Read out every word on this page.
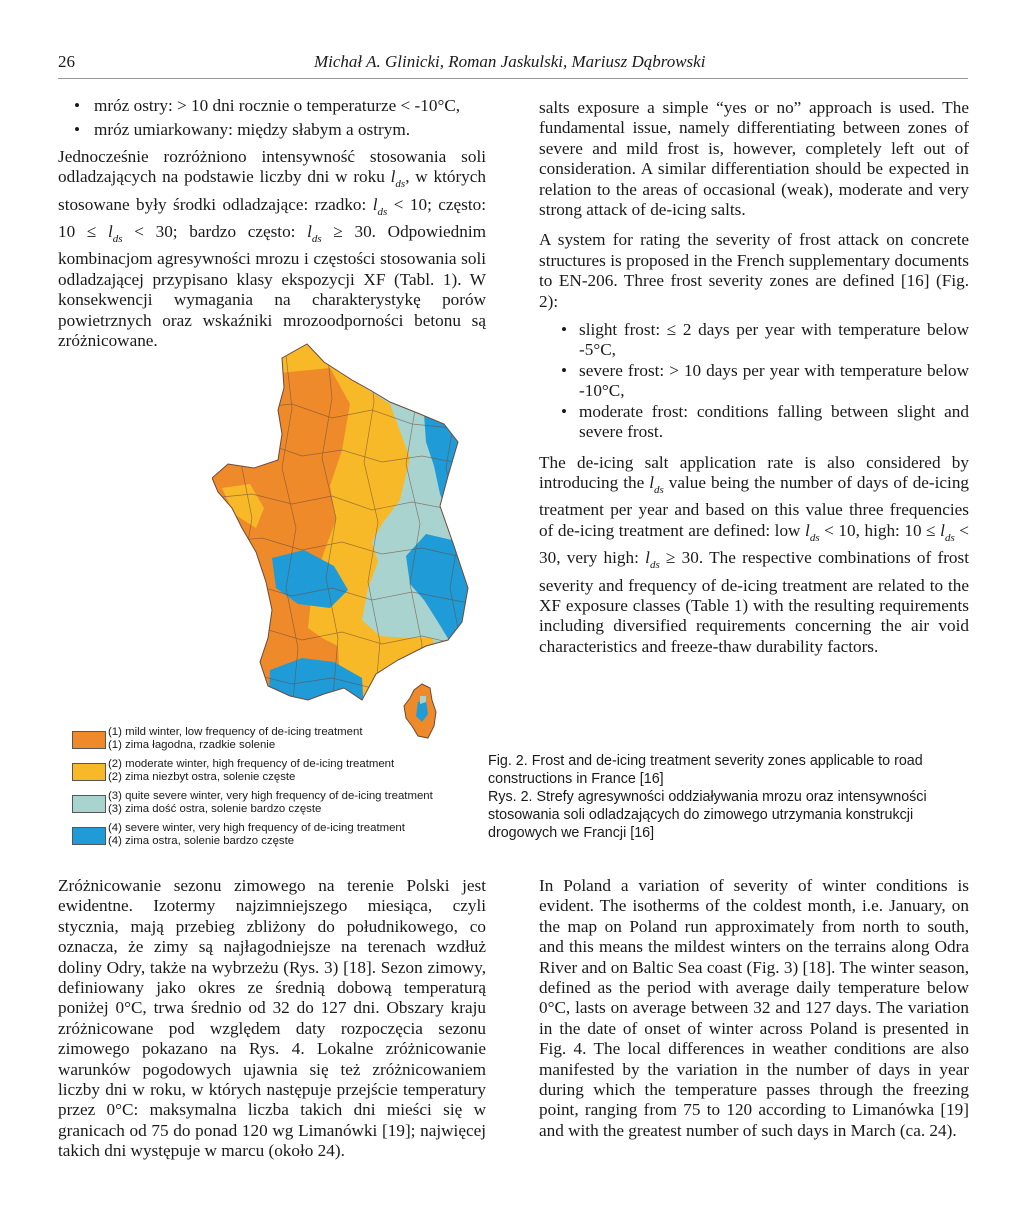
26	Michał A. Glinicki, Roman Jaskulski, Mariusz Dąbrowski

• mróz ostry: > 10 dni rocznie o temperaturze < -10°C,

• mróz umiarkowany: między słabym a ostrym.

Jednocześnie rozróżniono intensywność stosowania soli odladzających na podstawie liczby dni w roku $l_{ds}$, w których stosowane były środki odladzające: rzadko: $l_{ds} < 10$; często: $10 \le l_{ds} < 30$; bardzo często: $l_{ds} \ge 30$. Odpowiednim kombinacjom agresywności mrozu i częstości stosowania soli odladzającej przypisano klasy ekspozycji XF (Tabl. 1). W konsekwencji wymagania na charakterystykę porów powietrznych oraz wskaźniki mrozoodporności betonu są zróżnicowane.

salts exposure a simple “yes or no” approach is used. The fundamental issue, namely differentiating between zones of severe and mild frost is, however, completely left out of consideration. A similar differentiation should be expected in relation to the areas of occasional (weak), moderate and very strong attack of de-icing salts.

A system for rating the severity of frost attack on concrete structures is proposed in the French supplementary documents to EN-206. Three frost severity zones are defined [16] (Fig. 2):

• slight frost: ≤ 2 days per year with temperature below -5°C,

• severe frost: > 10 days per year with temperature below -10°C,

• moderate frost: conditions falling between slight and severe frost.

The de-icing salt application rate is also considered by introducing the $l_{ds}$ value being the number of days of de-icing treatment per year and based on this value three frequencies of de-icing treatment are defined: low $l_{ds} < 10$, high: $10 \le l_{ds} < 30$, very high: $l_{ds} \ge 30$. The respective combinations of frost severity and frequency of de-icing treatment are related to the XF exposure classes (Table 1) with the resulting requirements including diversified requirements concerning the air void characteristics and freeze-thaw durability factors.

(1) mild winter, low frequency of de-icing treatment
(1) zima łagodna, rzadkie solenie
(2) moderate winter, high frequency of de-icing treatment
(2) zima niezbyt ostra, solenie częste
(3) quite severe winter, very high frequency of de-icing treatment
(3) zima dość ostra, solenie bardzo częste
(4) severe winter, very high frequency of de-icing treatment
(4) zima ostra, solenie bardzo częste
Fig. 2. Frost and de-icing treatment severity zones applicable to road constructions in France [16]
Rys. 2. Strefy agresywności oddziaływania mrozu oraz intensywności stosowania soli odladzających do zimowego utrzymania konstrukcji drogowych we Francji [16]

Zróżnicowanie sezonu zimowego na terenie Polski jest ewidentne. Izotermy najzimniejszego miesiąca, czyli stycznia, mają przebieg zbliżony do południkowego, co oznacza, że zimy są najłagodniejsze na terenach wzdłuż doliny Odry, także na wybrzeżu (Rys. 3) [18]. Sezon zimowy, definiowany jako okres ze średnią dobową temperaturą poniżej 0°C, trwa średnio od 32 do 127 dni. Obszary kraju zróżnicowane pod względem daty rozpoczęcia sezonu zimowego pokazano na Rys. 4. Lokalne zróżnicowanie warunków pogodowych ujawnia się też zróżnicowaniem liczby dni w roku, w których następuje przejście temperatury przez 0°C: maksymalna liczba takich dni mieści się w granicach od 75 do ponad 120 wg Limanówki [19]; najwięcej takich dni występuje w marcu (około 24).

In Poland a variation of severity of winter conditions is evident. The isotherms of the coldest month, i.e. January, on the map on Poland run approximately from north to south, and this means the mildest winters on the terrains along Odra River and on Baltic Sea coast (Fig. 3) [18]. The winter season, defined as the period with average daily temperature below 0°C, lasts on average between 32 and 127 days. The variation in the date of onset of winter across Poland is presented in Fig. 4. The local differences in weather conditions are also manifested by the variation in the number of days in year during which the temperature passes through the freezing point, ranging from 75 to 120 according to Limanówka [19] and with the greatest number of such days in March (ca. 24).
